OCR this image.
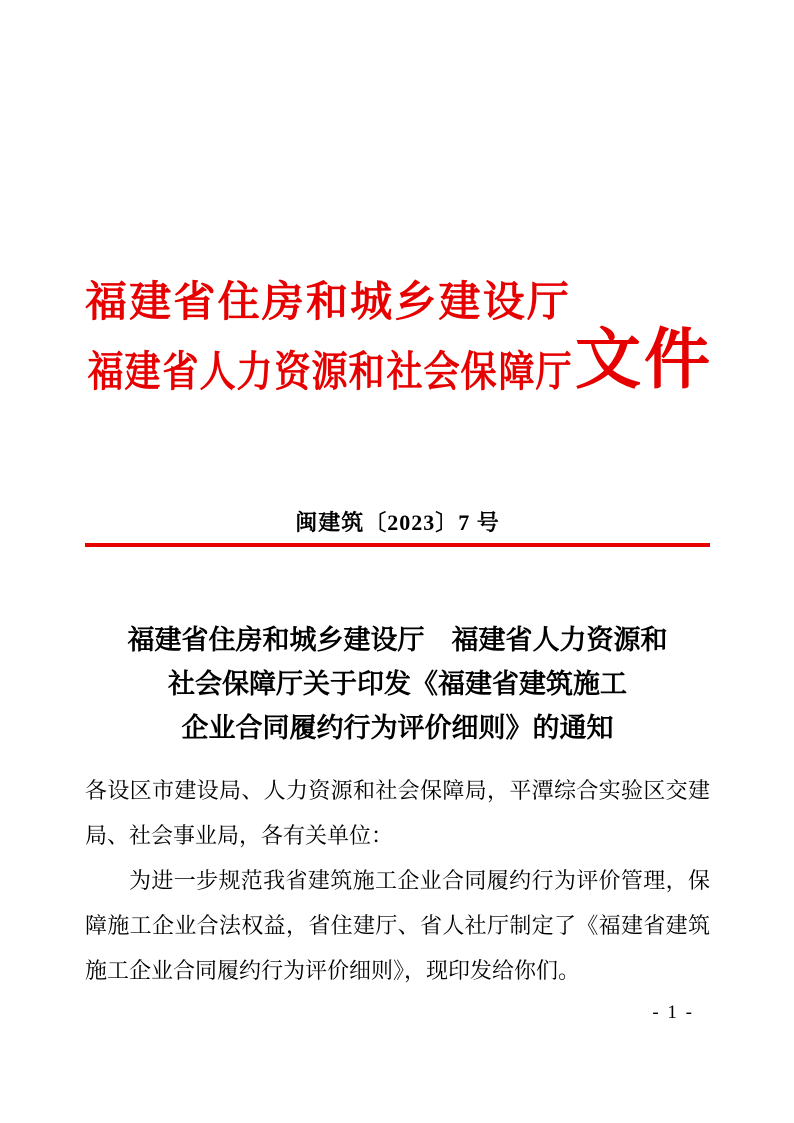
福 建 省 住 房 和 城 乡 建 设 厅
福 建 省 人 力 资 源 和 社 会 保 障 厅 文件
闽建筑〔2023〕7 号
福建省住房和城乡建设厅　福建省人力资源和
社会保障厅关于印发《福建省建筑施工
企业合同履约行为评价细则》的通知

各设区市建设局、人力资源和社会保障局，平潭综合实验区交建局、社会事业局，各有关单位：

为进一步规范我省建筑施工企业合同履约行为评价管理，保障施工企业合法权益，省住建厅、省人社厅制定了《福建省建筑施工企业合同履约行为评价细则》，现印发给你们。

- 1 -
